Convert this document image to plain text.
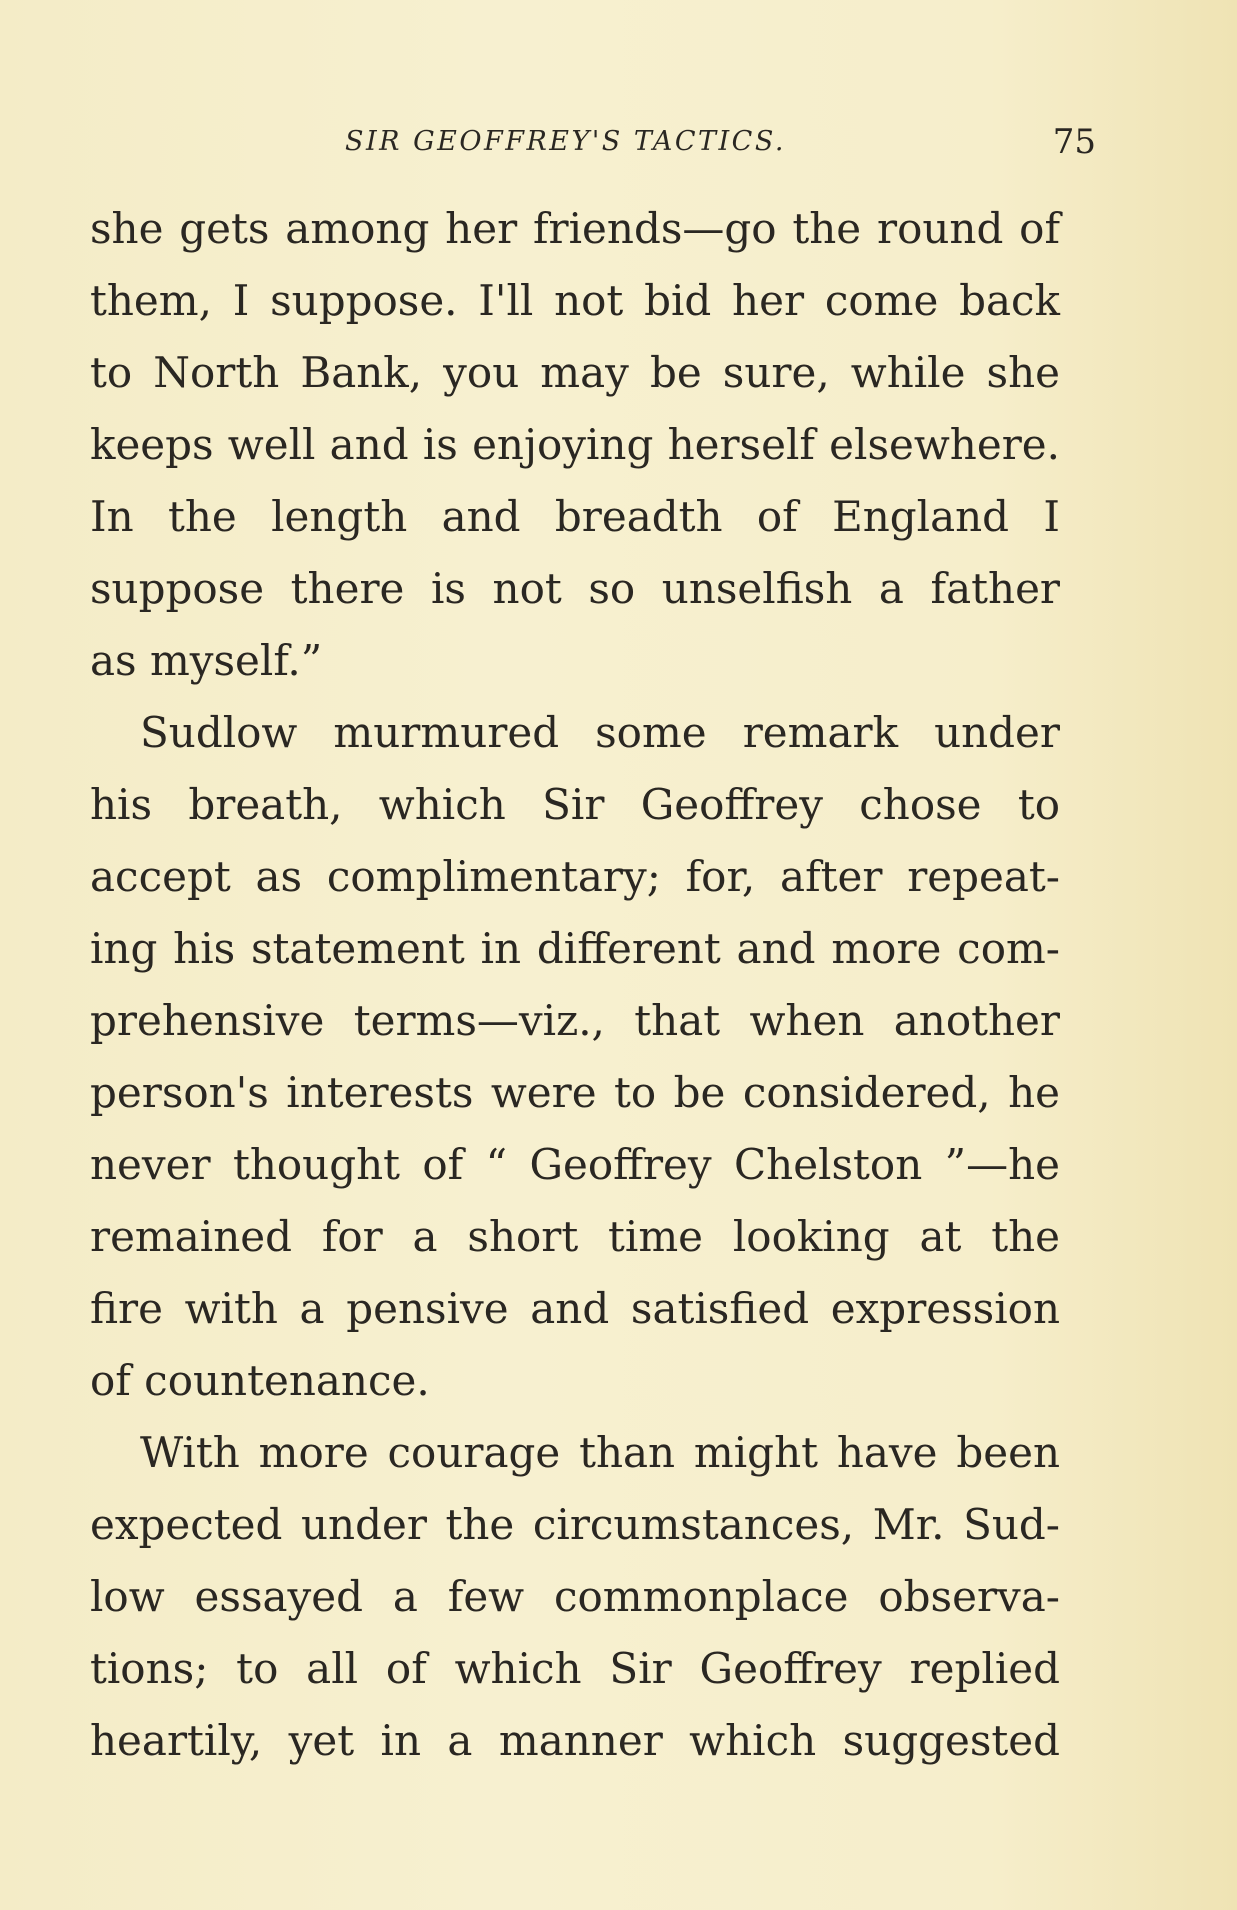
SIR GEOFFREY'S TACTICS.	75
she gets among her friends—go the round of
them, I suppose. I'll not bid her come back
to North Bank, you may be sure, while she
keeps well and is enjoying herself elsewhere.
In the length and breadth of England I
suppose there is not so unselfish a father
as myself.”
Sudlow murmured some remark under
his breath, which Sir Geoffrey chose to
accept as complimentary; for, after repeat-
ing his statement in different and more com-
prehensive terms—viz., that when another
person's interests were to be considered, he
never thought of “ Geoffrey Chelston ”—he
remained for a short time looking at the
fire with a pensive and satisfied expression
of countenance.
With more courage than might have been
expected under the circumstances, Mr. Sud-
low essayed a few commonplace observa-
tions; to all of which Sir Geoffrey replied
heartily, yet in a manner which suggested
